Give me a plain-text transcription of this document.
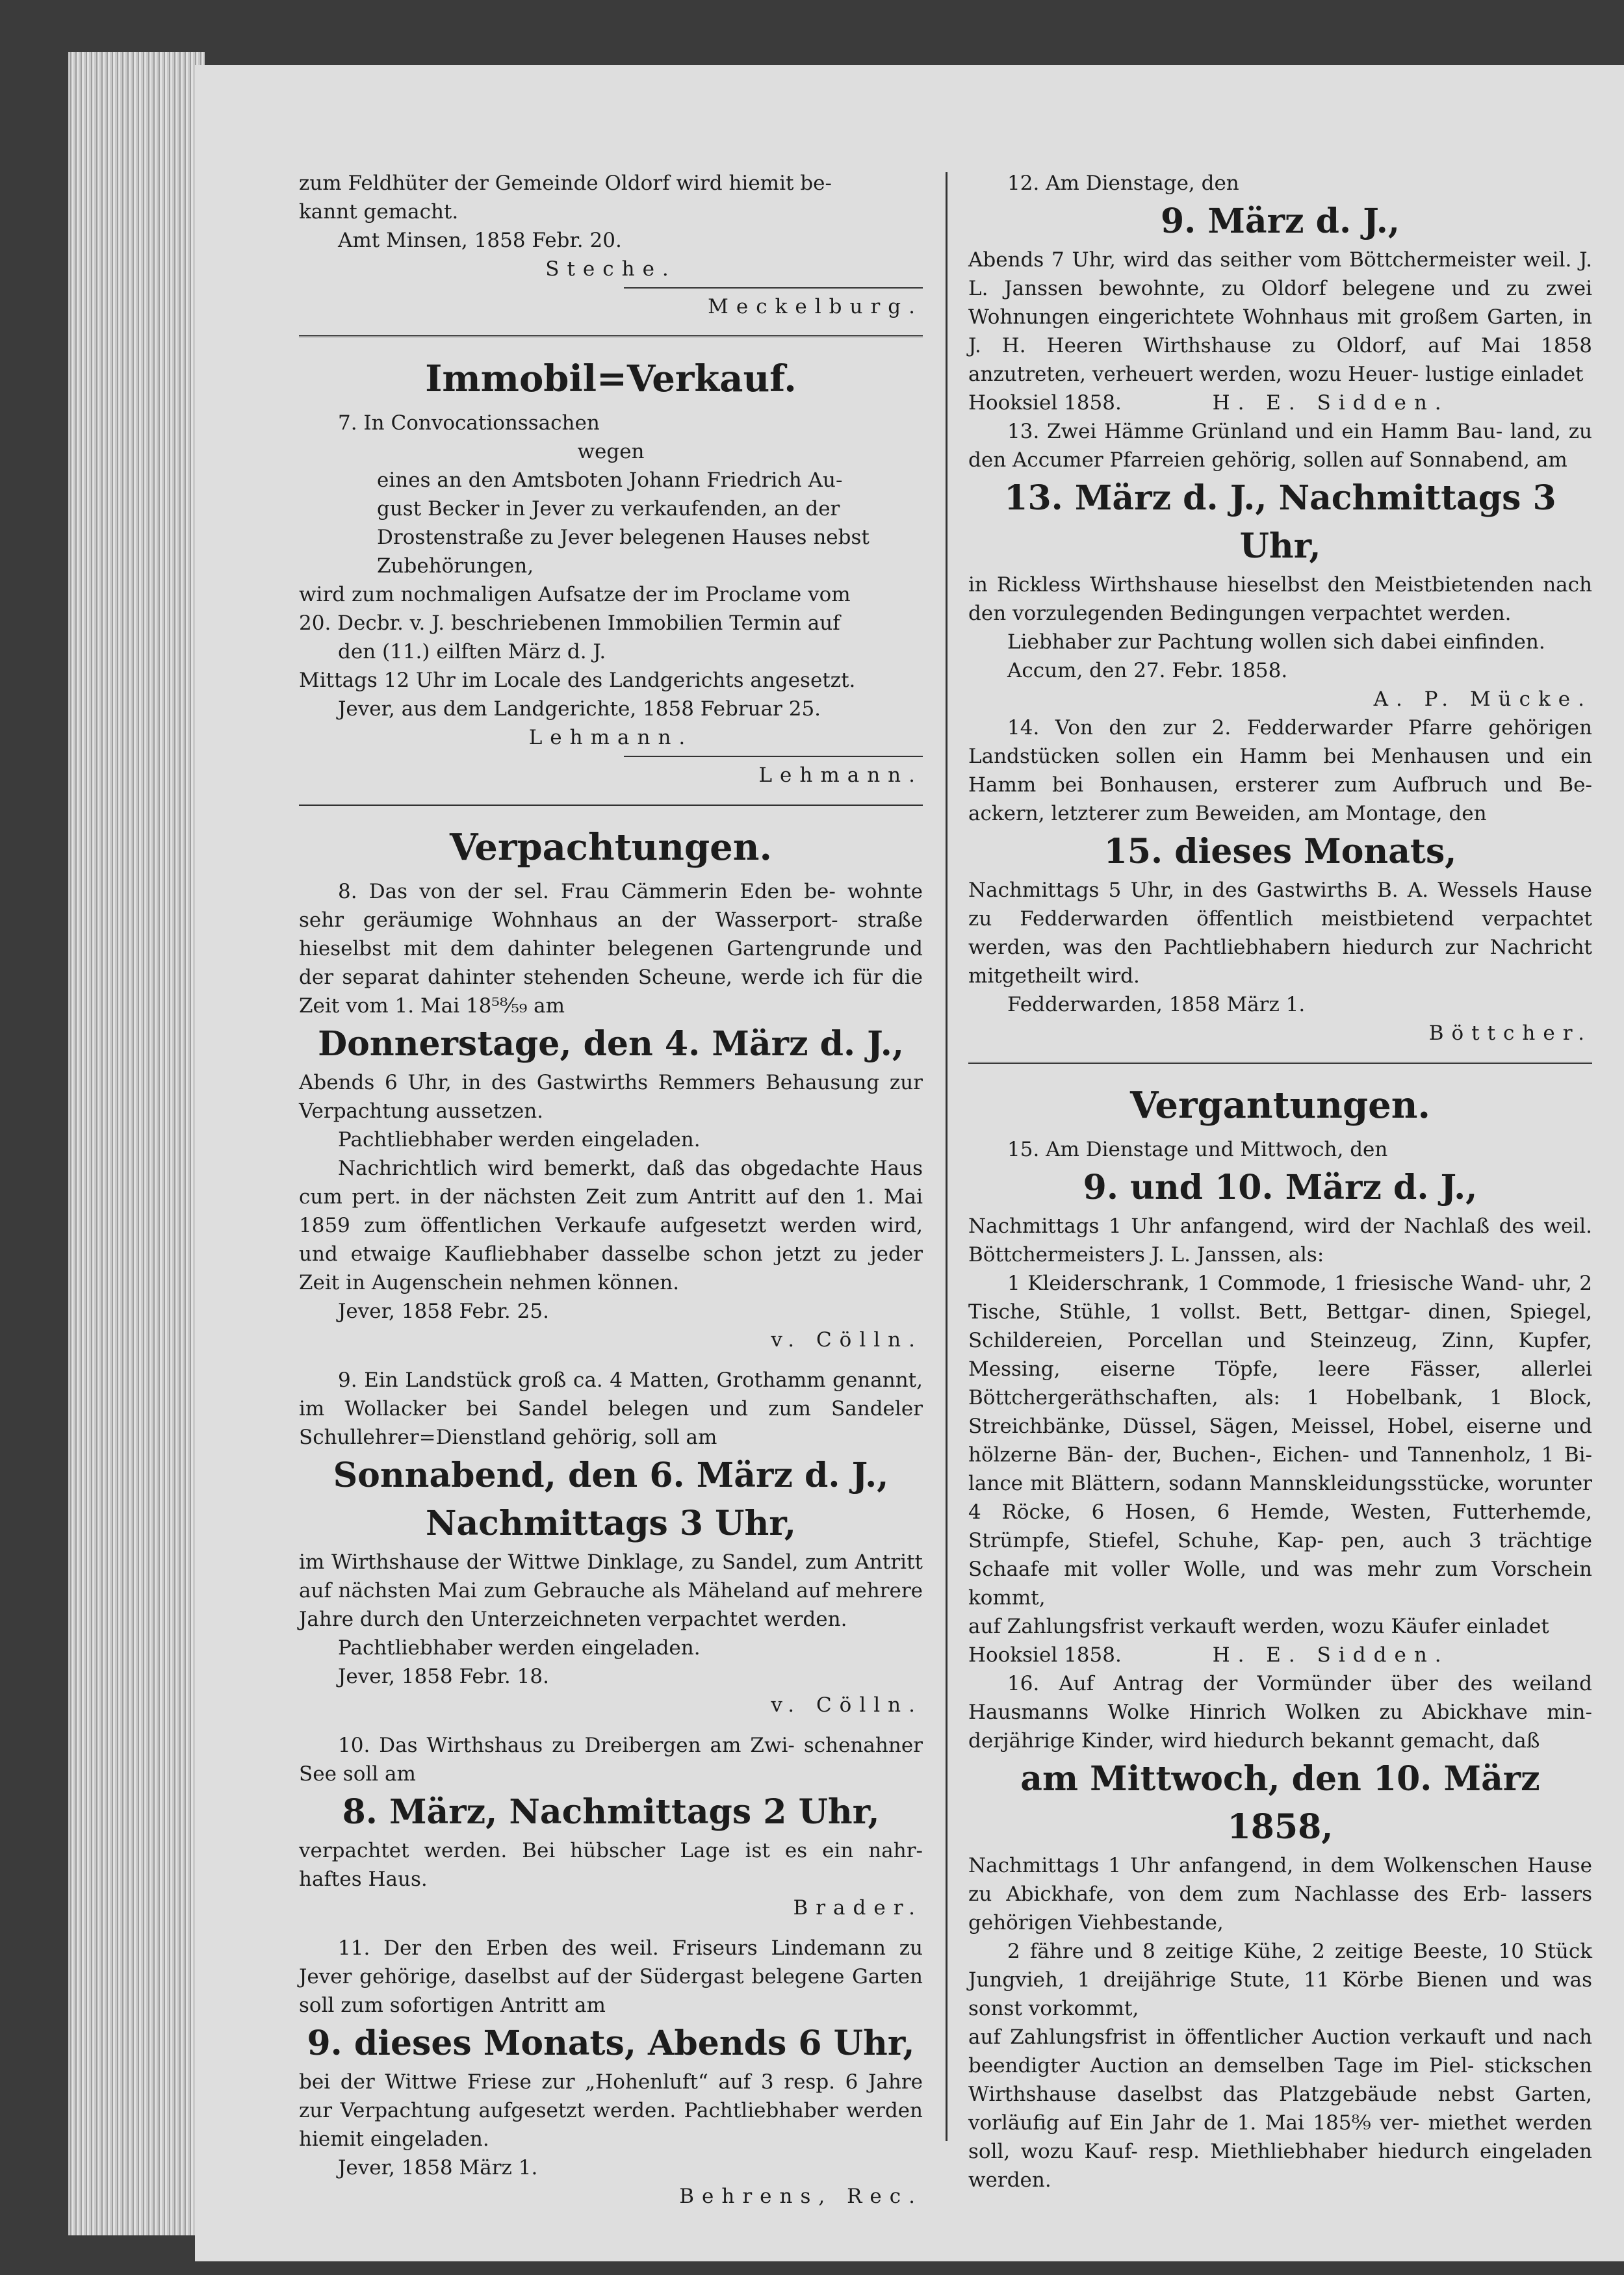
zum Feldhüter der Gemeinde Oldorf wird hiemit be-

kannt gemacht.

Amt Minsen, 1858 Febr. 20.

Steche.

Meckelburg.

Immobil=Verkauf.

7. In Convocationssachen

wegen

eines an den Amtsboten Johann Friedrich Au-

gust Becker in Jever zu verkaufenden, an der

Drostenstraße zu Jever belegenen Hauses nebst

Zubehörungen,

wird zum nochmaligen Aufsatze der im Proclame vom

20. Decbr. v. J. beschriebenen Immobilien Termin auf

den (11.) eilften März d. J.

Mittags 12 Uhr im Locale des Landgerichts angesetzt.

Jever, aus dem Landgerichte, 1858 Februar 25.

Lehmann.

Lehmann.

Verpachtungen.

8. Das von der sel. Frau Cämmerin Eden be- wohnte sehr geräumige Wohnhaus an der Wasserport- straße hieselbst mit dem dahinter belegenen Gartengrunde und der separat dahinter stehenden Scheune, werde ich für die Zeit vom 1. Mai 18⁵⁸⁄₅₉ am

Donnerstage, den 4. März d. J.,

Abends 6 Uhr, in des Gastwirths Remmers Behausung zur Verpachtung aussetzen.

Pachtliebhaber werden eingeladen.

Nachrichtlich wird bemerkt, daß das obgedachte Haus cum pert. in der nächsten Zeit zum Antritt auf den 1. Mai 1859 zum öffentlichen Verkaufe aufgesetzt werden wird, und etwaige Kaufliebhaber dasselbe schon jetzt zu jeder Zeit in Augenschein nehmen können.

Jever, 1858 Febr. 25.

v. Cölln.

9. Ein Landstück groß ca. 4 Matten, Grothamm genannt, im Wollacker bei Sandel belegen und zum Sandeler Schullehrer=Dienstland gehörig, soll am

Sonnabend, den 6. März d. J.,
Nachmittags 3 Uhr,

im Wirthshause der Wittwe Dinklage, zu Sandel, zum Antritt auf nächsten Mai zum Gebrauche als Mäheland auf mehrere Jahre durch den Unterzeichneten verpachtet werden.

Pachtliebhaber werden eingeladen.

Jever, 1858 Febr. 18.

v. Cölln.

10. Das Wirthshaus zu Dreibergen am Zwi- schenahner See soll am

8. März, Nachmittags 2 Uhr,

verpachtet werden. Bei hübscher Lage ist es ein nahr- haftes Haus.

Brader.

11. Der den Erben des weil. Friseurs Lindemann zu Jever gehörige, daselbst auf der Südergast belegene Garten soll zum sofortigen Antritt am

9. dieses Monats, Abends 6 Uhr,

bei der Wittwe Friese zur „Hohenluft“ auf 3 resp. 6 Jahre zur Verpachtung aufgesetzt werden. Pachtliebhaber werden hiemit eingeladen.

Jever, 1858 März 1.

Behrens, Rec.

12. Am Dienstage, den

9. März d. J.,

Abends 7 Uhr, wird das seither vom Böttchermeister weil. J. L. Janssen bewohnte, zu Oldorf belegene und zu zwei Wohnungen eingerichtete Wohnhaus mit großem Garten, in J. H. Heeren Wirthshause zu Oldorf, auf Mai 1858 anzutreten, verheuert werden, wozu Heuer- lustige einladet

Hooksiel 1858.	H. E. Sidden.

13. Zwei Hämme Grünland und ein Hamm Bau- land, zu den Accumer Pfarreien gehörig, sollen auf Sonnabend, am

13. März d. J., Nachmittags 3 Uhr,

in Rickless Wirthshause hieselbst den Meistbietenden nach den vorzulegenden Bedingungen verpachtet werden.

Liebhaber zur Pachtung wollen sich dabei einfinden.

Accum, den 27. Febr. 1858.

A. P. Mücke.

14. Von den zur 2. Fedderwarder Pfarre gehörigen Landstücken sollen ein Hamm bei Menhausen und ein Hamm bei Bonhausen, ersterer zum Aufbruch und Be- ackern, letzterer zum Beweiden, am Montage, den

15. dieses Monats,

Nachmittags 5 Uhr, in des Gastwirths B. A. Wessels Hause zu Fedderwarden öffentlich meistbietend verpachtet werden, was den Pachtliebhabern hiedurch zur Nachricht mitgetheilt wird.

Fedderwarden, 1858 März 1.

Böttcher.

Vergantungen.

15. Am Dienstage und Mittwoch, den

9. und 10. März d. J.,

Nachmittags 1 Uhr anfangend, wird der Nachlaß des weil. Böttchermeisters J. L. Janssen, als:

1 Kleiderschrank, 1 Commode, 1 friesische Wand- uhr, 2 Tische, Stühle, 1 vollst. Bett, Bettgar- dinen, Spiegel, Schildereien, Porcellan und Steinzeug, Zinn, Kupfer, Messing, eiserne Töpfe, leere Fässer, allerlei Böttchergeräthschaften, als: 1 Hobelbank, 1 Block, Streichbänke, Düssel, Sägen, Meissel, Hobel, eiserne und hölzerne Bän- der, Buchen-, Eichen- und Tannenholz, 1 Bi- lance mit Blättern, sodann Mannskleidungsstücke, worunter 4 Röcke, 6 Hosen, 6 Hemde, Westen, Futterhemde, Strümpfe, Stiefel, Schuhe, Kap- pen, auch 3 trächtige Schaafe mit voller Wolle, und was mehr zum Vorschein kommt,

auf Zahlungsfrist verkauft werden, wozu Käufer einladet

Hooksiel 1858.	H. E. Sidden.

16. Auf Antrag der Vormünder über des weiland Hausmanns Wolke Hinrich Wolken zu Abickhave min- derjährige Kinder, wird hiedurch bekannt gemacht, daß

am Mittwoch, den 10. März 1858,

Nachmittags 1 Uhr anfangend, in dem Wolkenschen Hause zu Abickhafe, von dem zum Nachlasse des Erb- lassers gehörigen Viehbestande,

2 fähre und 8 zeitige Kühe, 2 zeitige Beeste, 10 Stück Jungvieh, 1 dreijährige Stute, 11 Körbe Bienen und was sonst vorkommt,

auf Zahlungsfrist in öffentlicher Auction verkauft und nach beendigter Auction an demselben Tage im Piel- stickschen Wirthshause daselbst das Platzgebäude nebst Garten, vorläufig auf Ein Jahr de 1. Mai 185⁸⁄₉ ver- miethet werden soll, wozu Kauf- resp. Miethliebhaber hiedurch eingeladen werden.
